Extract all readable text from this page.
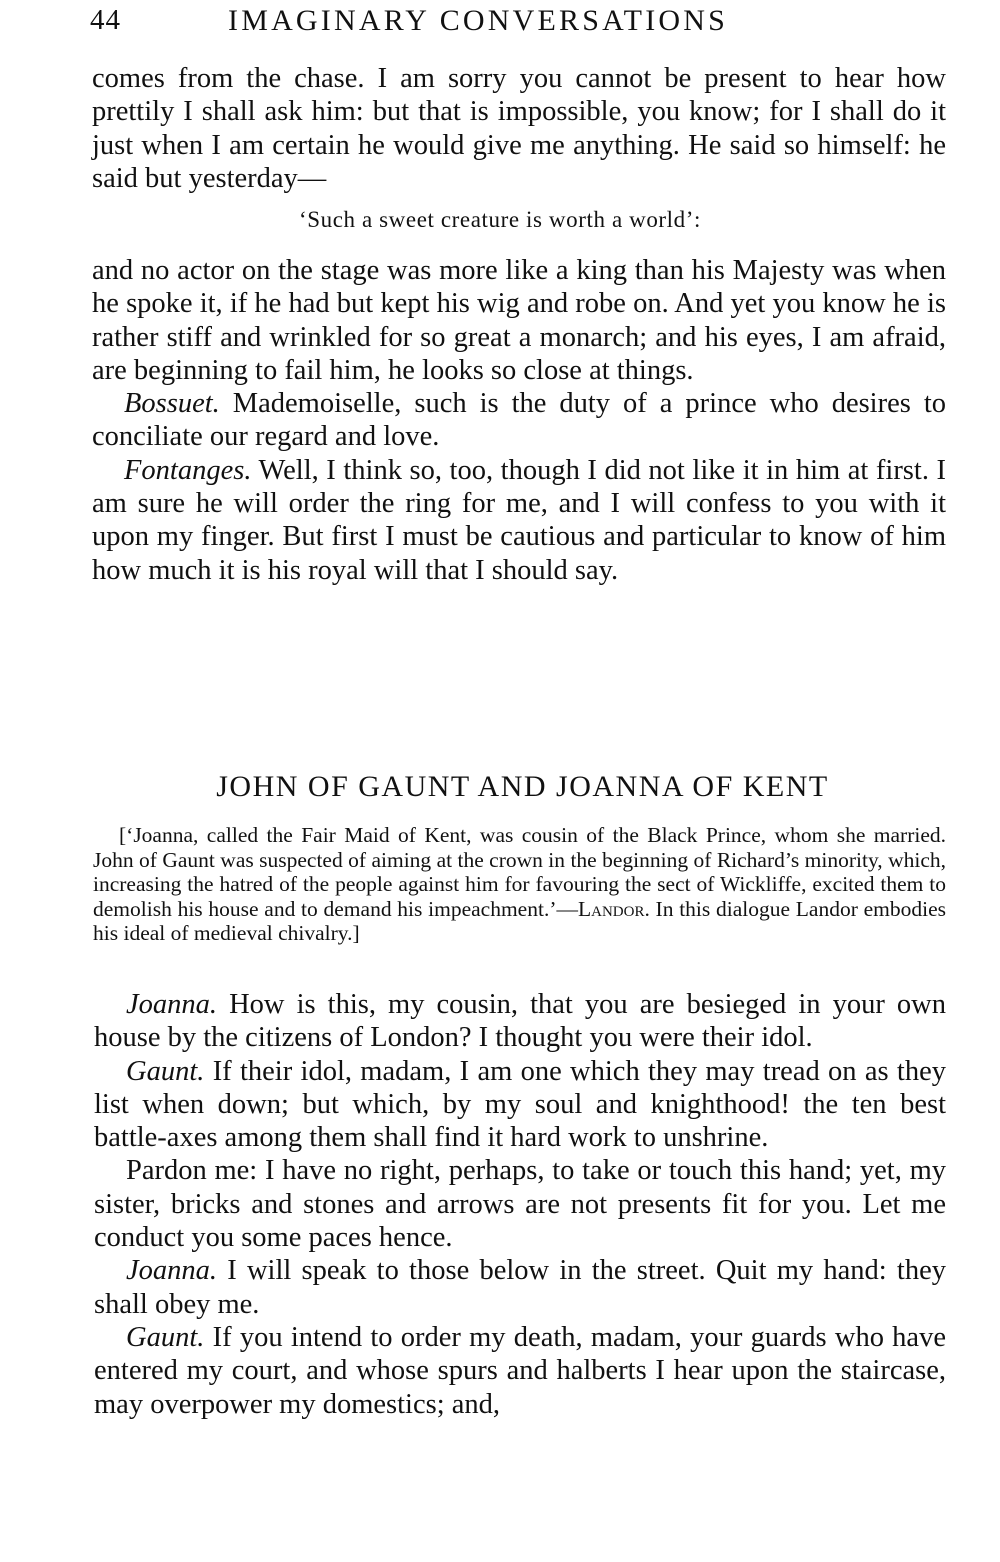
44	IMAGINARY CONVERSATIONS

comes from the chase. I am sorry you cannot be present to hear how prettily I shall ask him: but that is impossible, you know; for I shall do it just when I am certain he would give me anything. He said so himself: he said but yesterday—

‘Such a sweet creature is worth a world’:

and no actor on the stage was more like a king than his Majesty was when he spoke it, if he had but kept his wig and robe on. And yet you know he is rather stiff and wrinkled for so great a monarch; and his eyes, I am afraid, are beginning to fail him, he looks so close at things.

Bossuet. Mademoiselle, such is the duty of a prince who desires to conciliate our regard and love.

Fontanges. Well, I think so, too, though I did not like it in him at first. I am sure he will order the ring for me, and I will confess to you with it upon my finger. But first I must be cautious and particular to know of him how much it is his royal will that I should say.

JOHN OF GAUNT AND JOANNA OF KENT

[‘Joanna, called the Fair Maid of Kent, was cousin of the Black Prince, whom she married. John of Gaunt was suspected of aiming at the crown in the beginning of Richard’s minority, which, increasing the hatred of the people against him for favouring the sect of Wickliffe, excited them to demolish his house and to demand his impeachment.’—Landor. In this dialogue Landor embodies his ideal of medieval chivalry.]

Joanna. How is this, my cousin, that you are besieged in your own house by the citizens of London? I thought you were their idol.

Gaunt. If their idol, madam, I am one which they may tread on as they list when down; but which, by my soul and knighthood! the ten best battle-axes among them shall find it hard work to unshrine.

Pardon me: I have no right, perhaps, to take or touch this hand; yet, my sister, bricks and stones and arrows are not presents fit for you. Let me conduct you some paces hence.

Joanna. I will speak to those below in the street. Quit my hand: they shall obey me.

Gaunt. If you intend to order my death, madam, your guards who have entered my court, and whose spurs and halberts I hear upon the staircase, may overpower my domestics; and,
